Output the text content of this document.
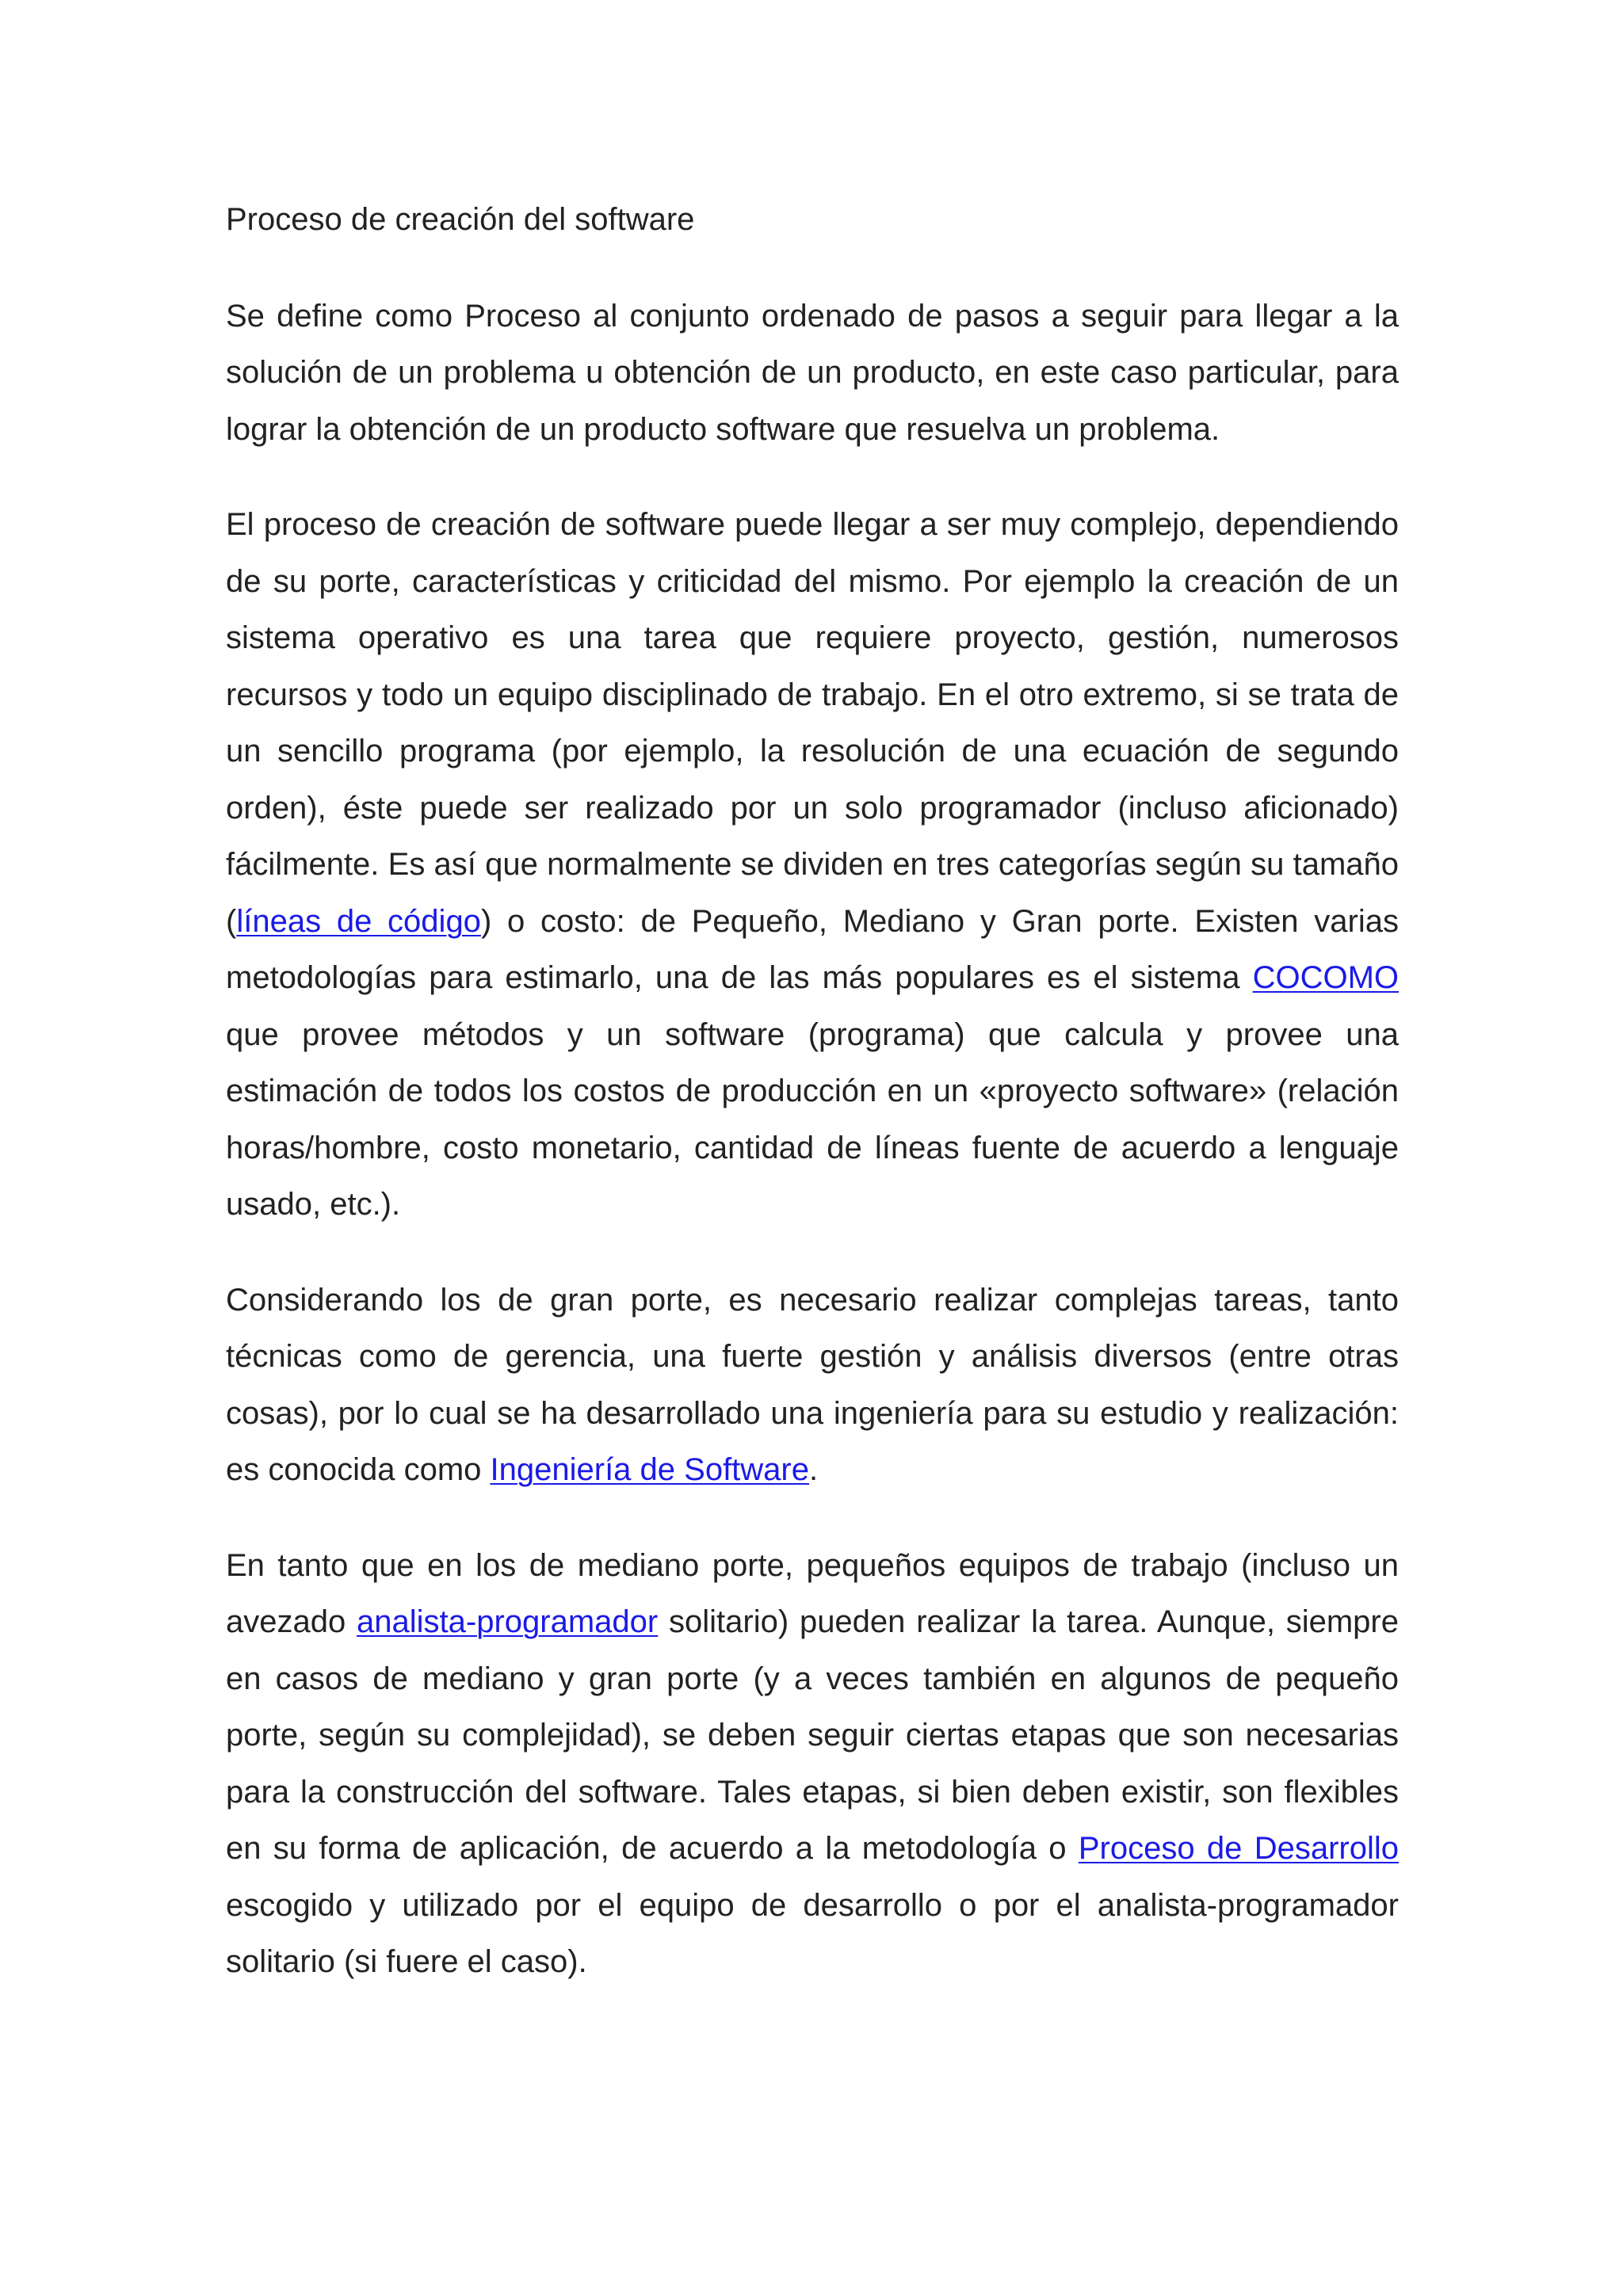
Proceso de creación del software

Se define como Proceso al conjunto ordenado de pasos a seguir para llegar a la solución de un problema u obtención de un producto, en este caso particular, para lograr la obtención de un producto software que resuelva un problema.

El proceso de creación de software puede llegar a ser muy complejo, dependiendo de su porte, características y criticidad del mismo. Por ejemplo la creación de un sistema operativo es una tarea que requiere proyecto, gestión, numerosos recursos y todo un equipo disciplinado de trabajo. En el otro extremo, si se trata de un sencillo programa (por ejemplo, la resolución de una ecuación de segundo orden), éste puede ser realizado por un solo programador (incluso aficionado) fácilmente. Es así que normalmente se dividen en tres categorías según su tamaño (líneas de código) o costo: de Pequeño, Mediano y Gran porte. Existen varias metodologías para estimarlo, una de las más populares es el sistema COCOMO que provee métodos y un software (programa) que calcula y provee una estimación de todos los costos de producción en un «proyecto software» (relación horas/hombre, costo monetario, cantidad de líneas fuente de acuerdo a lenguaje usado, etc.).

Considerando los de gran porte, es necesario realizar complejas tareas, tanto técnicas como de gerencia, una fuerte gestión y análisis diversos (entre otras cosas), por lo cual se ha desarrollado una ingeniería para su estudio y realización: es conocida como Ingeniería de Software.

En tanto que en los de mediano porte, pequeños equipos de trabajo (incluso un avezado analista-programador solitario) pueden realizar la tarea. Aunque, siempre en casos de mediano y gran porte (y a veces también en algunos de pequeño porte, según su complejidad), se deben seguir ciertas etapas que son necesarias para la construcción del software. Tales etapas, si bien deben existir, son flexibles en su forma de aplicación, de acuerdo a la metodología o Proceso de Desarrollo escogido y utilizado por el equipo de desarrollo o por el analista-programador solitario (si fuere el caso).
